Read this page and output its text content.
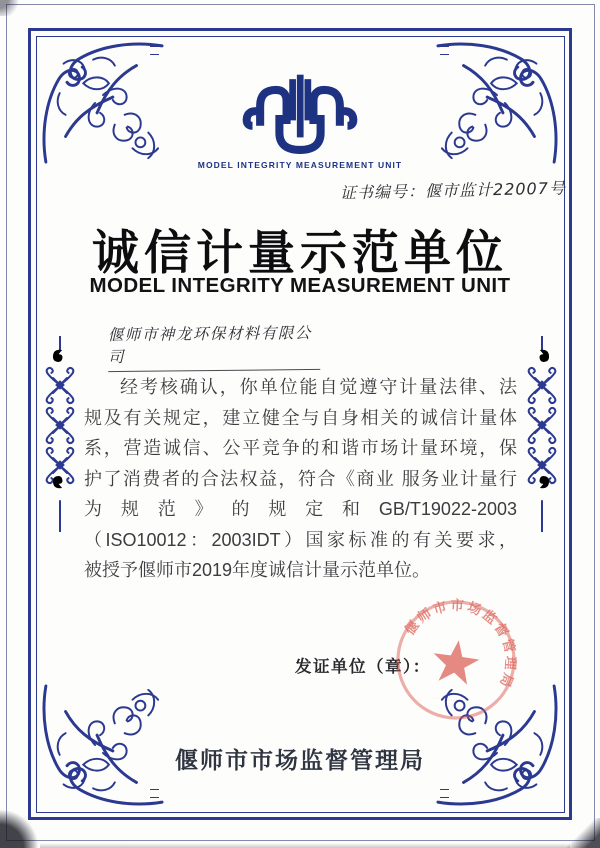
MODEL INTEGRITY MEASUREMENT UNIT
证书编号：偃市监计22007号
诚信计量示范单位
MODEL INTEGRITY MEASUREMENT UNIT
偃师市神龙环保材料有限公司
经考核确认，你单位能自觉遵守计量法律、法
规及有关规定，建立健全与自身相关的诚信计量体
系，营造诚信、公平竞争的和谐市场计量环境，保
护了消费者的合法权益，符合《商业 服务业计量行
为规范》的规定和GB/T19022-2003
（ISO10012：2003IDT）国家标准的有关要求，
被授予偃师市2019年度诚信计量示范单位。
发证单位（章）：
偃师市市场监督管理局
···········
偃师市市场监督管理局
